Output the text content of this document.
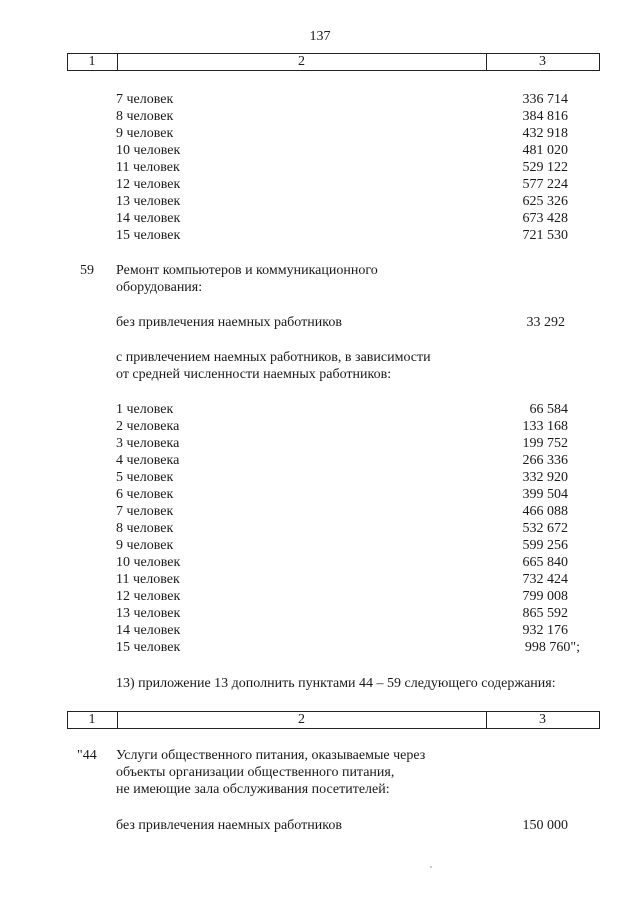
137
1	2	3
7 человек	336 714
8 человек	384 816
9 человек	432 918
10 человек	481 020
11 человек	529 122
12 человек	577 224
13 человек	625 326
14 человек	673 428
15 человек	721 530
59 Ремонт компьютеров и коммуникационного
оборудования:
без привлечения наемных работников	33 292
с привлечением наемных работников, в зависимости
от средней численности наемных работников:
1 человек	66 584
2 человека	133 168
3 человека	199 752
4 человека	266 336
5 человек	332 920
6 человек	399 504
7 человек	466 088
8 человек	532 672
9 человек	599 256
10 человек	665 840
11 человек	732 424
12 человек	799 008
13 человек	865 592
14 человек	932 176
15 человек	998 760";
13) приложение 13 дополнить пунктами 44 – 59 следующего содержания:
1	2	3
"44 Услуги общественного питания, оказываемые через
объекты организации общественного питания,
не имеющие зала обслуживания посетителей:
без привлечения наемных работников	150 000
